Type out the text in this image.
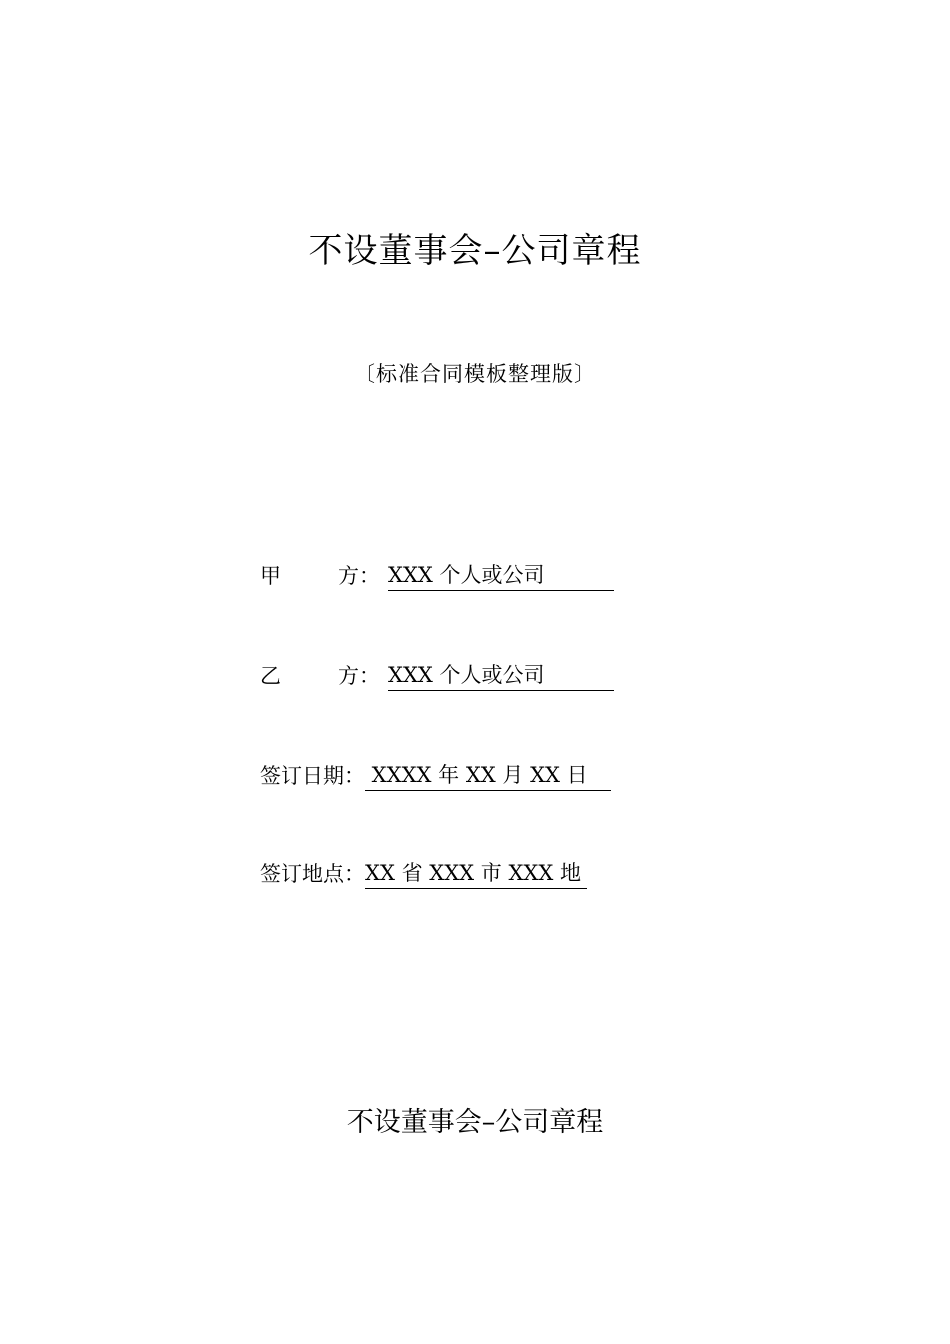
不设董事会–公司章程
〔标准合同模板整理版〕
甲	方： XXX 个人或公司
乙	方： XXX 个人或公司
签订日期： XXXX 年 XX 月 XX 日
签订地点：XX 省 XXX 市 XXX 地
不设董事会–公司章程
